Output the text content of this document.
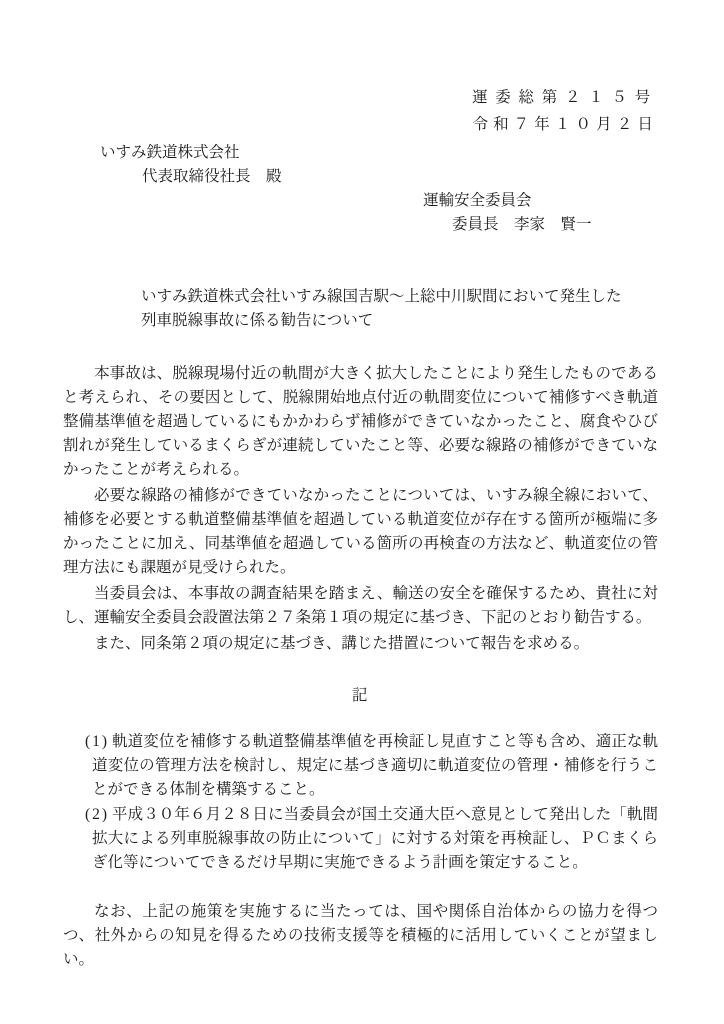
運委総第２１５号
令和７年１０月２日
いすみ鉄道株式会社
代表取締役社長　殿
運輸安全委員会
委員長　李家　賢一
いすみ鉄道株式会社いすみ線国吉駅～上総中川駅間において発生した
列車脱線事故に係る勧告について

本事故は、脱線現場付近の軌間が大きく拡大したことにより発生したものであると考えられ、その要因として、脱線開始地点付近の軌間変位について補修すべき軌道整備基準値を超過しているにもかかわらず補修ができていなかったこと、腐食やひび割れが発生しているまくらぎが連続していたこと等、必要な線路の補修ができていなかったことが考えられる。

必要な線路の補修ができていなかったことについては、いすみ線全線において、補修を必要とする軌道整備基準値を超過している軌道変位が存在する箇所が極端に多かったことに加え、同基準値を超過している箇所の再検査の方法など、軌道変位の管理方法にも課題が見受けられた。

当委員会は、本事故の調査結果を踏まえ、輸送の安全を確保するため、貴社に対し、運輸安全委員会設置法第２７条第１項の規定に基づき、下記のとおり勧告する。

また、同条第２項の規定に基づき、講じた措置について報告を求める。

記
(1) 軌道変位を補修する軌道整備基準値を再検証し見直すこと等も含め、適正な軌道変位の管理方法を検討し、規定に基づき適切に軌道変位の管理・補修を行うことができる体制を構築すること。
(2) 平成３０年６月２８日に当委員会が国土交通大臣へ意見として発出した「軌間拡大による列車脱線事故の防止について」に対する対策を再検証し、ＰＣまくらぎ化等についてできるだけ早期に実施できるよう計画を策定すること。

なお、上記の施策を実施するに当たっては、国や関係自治体からの協力を得つつ、社外からの知見を得るための技術支援等を積極的に活用していくことが望ましい。
